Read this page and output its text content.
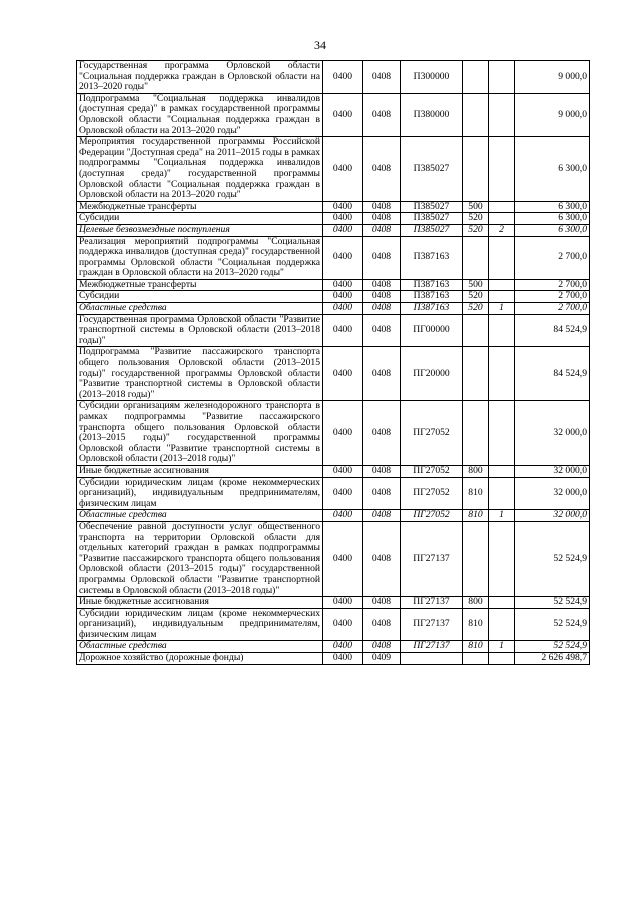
34
Государственная программа Орловской области "Социальная поддержка граждан в Орловской области на 2013–2020 годы"	0400	0408	П300000			9 000,0
Подпрограмма "Социальная поддержка инвалидов (доступная среда)" в рамках государственной программы Орловской области "Социальная поддержка граждан в Орловской области на 2013–2020 годы"	0400	0408	П380000			9 000,0
Мероприятия государственной программы Российской Федерации "Доступная среда" на 2011–2015 годы в рамках подпрограммы "Социальная поддержка инвалидов (доступная среда)" государственной программы Орловской области "Социальная поддержка граждан в Орловской области на 2013–2020 годы"	0400	0408	П385027			6 300,0
Межбюджетные трансферты	0400	0408	П385027	500		6 300,0
Субсидии	0400	0408	П385027	520		6 300,0
Целевые безвозмездные поступления	0400	0408	П385027	520	2	6 300,0
Реализация мероприятий подпрограммы "Социальная поддержка инвалидов (доступная среда)" государственной программы Орловской области "Социальная поддержка граждан в Орловской области на 2013–2020 годы"	0400	0408	П387163			2 700,0
Межбюджетные трансферты	0400	0408	П387163	500		2 700,0
Субсидии	0400	0408	П387163	520		2 700,0
Областные средства	0400	0408	П387163	520	1	2 700,0
Государственная программа Орловской области "Развитие транспортной системы в Орловской области (2013–2018 годы)"	0400	0408	ПГ00000			84 524,9
Подпрограмма "Развитие пассажирского транспорта общего пользования Орловской области (2013–2015 годы)" государственной программы Орловской области "Развитие транспортной системы в Орловской области (2013–2018 годы)"	0400	0408	ПГ20000			84 524,9
Субсидии организациям железнодорожного транспорта в рамках подпрограммы "Развитие пассажирского транспорта общего пользования Орловской области (2013–2015 годы)" государственной программы Орловской области "Развитие транспортной системы в Орловской области (2013–2018 годы)"	0400	0408	ПГ27052			32 000,0
Иные бюджетные ассигнования	0400	0408	ПГ27052	800		32 000,0
Субсидии юридическим лицам (кроме некоммерческих организаций), индивидуальным предпринимателям, физическим лицам	0400	0408	ПГ27052	810		32 000,0
Областные средства	0400	0408	ПГ27052	810	1	32 000,0
Обеспечение равной доступности услуг общественного транспорта на территории Орловской области для отдельных категорий граждан в рамках подпрограммы "Развитие пассажирского транспорта общего пользования Орловской области (2013–2015 годы)" государственной программы Орловской области "Развитие транспортной системы в Орловской области (2013–2018 годы)"	0400	0408	ПГ27137			52 524,9
Иные бюджетные ассигнования	0400	0408	ПГ27137	800		52 524,9
Субсидии юридическим лицам (кроме некоммерческих организаций), индивидуальным предпринимателям, физическим лицам	0400	0408	ПГ27137	810		52 524,9
Областные средства	0400	0408	ПГ27137	810	1	52 524,9
Дорожное хозяйство (дорожные фонды)	0400	0409				2 626 498,7
